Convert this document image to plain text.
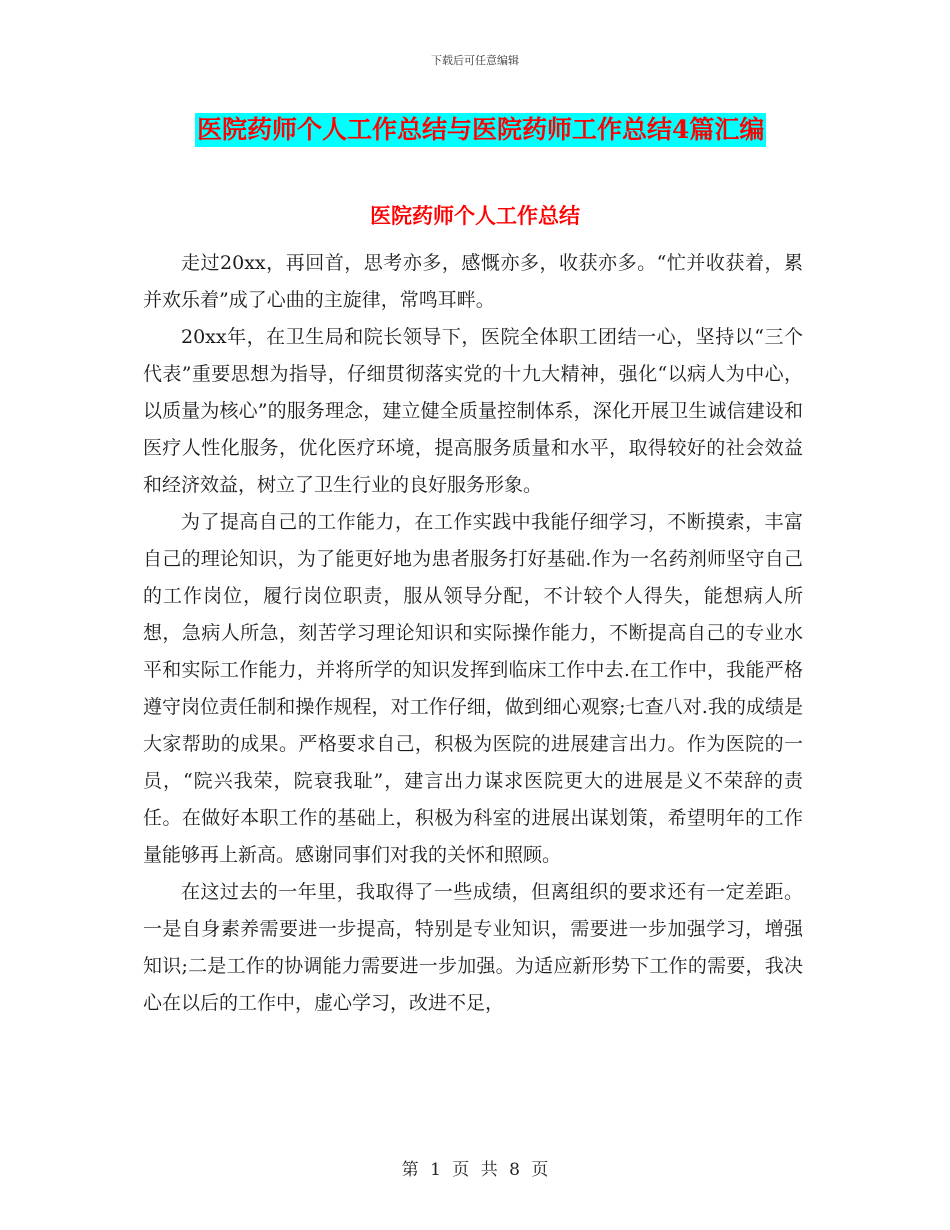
下载后可任意编辑
医院药师个人工作总结与医院药师工作总结4篇汇编
医院药师个人工作总结

走过20xx，再回首，思考亦多，感慨亦多，收获亦多。“忙并收获着，累并欢乐着”成了心曲的主旋律，常鸣耳畔。

20xx年，在卫生局和院长领导下，医院全体职工团结一心，坚持以“三个代表”重要思想为指导，仔细贯彻落实党的十九大精神，强化“以病人为中心，以质量为核心”的服务理念，建立健全质量控制体系，深化开展卫生诚信建设和医疗人性化服务，优化医疗环境，提高服务质量和水平，取得较好的社会效益和经济效益，树立了卫生行业的良好服务形象。

为了提高自己的工作能力，在工作实践中我能仔细学习，不断摸索，丰富自己的理论知识，为了能更好地为患者服务打好基础.作为一名药剂师坚守自己的工作岗位，履行岗位职责，服从领导分配，不计较个人得失，能想病人所想，急病人所急，刻苦学习理论知识和实际操作能力，不断提高自己的专业水平和实际工作能力，并将所学的知识发挥到临床工作中去.在工作中，我能严格遵守岗位责任制和操作规程，对工作仔细，做到细心观察;七查八对.我的成绩是大家帮助的成果。严格要求自己，积极为医院的进展建言出力。作为医院的一员，“院兴我荣，院衰我耻”，建言出力谋求医院更大的进展是义不荣辞的责任。在做好本职工作的基础上，积极为科室的进展出谋划策，希望明年的工作量能够再上新高。感谢同事们对我的关怀和照顾。

在这过去的一年里，我取得了一些成绩，但离组织的要求还有一定差距。一是自身素养需要进一步提高，特别是专业知识，需要进一步加强学习，增强知识;二是工作的协调能力需要进一步加强。为适应新形势下工作的需要，我决心在以后的工作中，虚心学习，改进不足，

第 1 页 共 8 页
